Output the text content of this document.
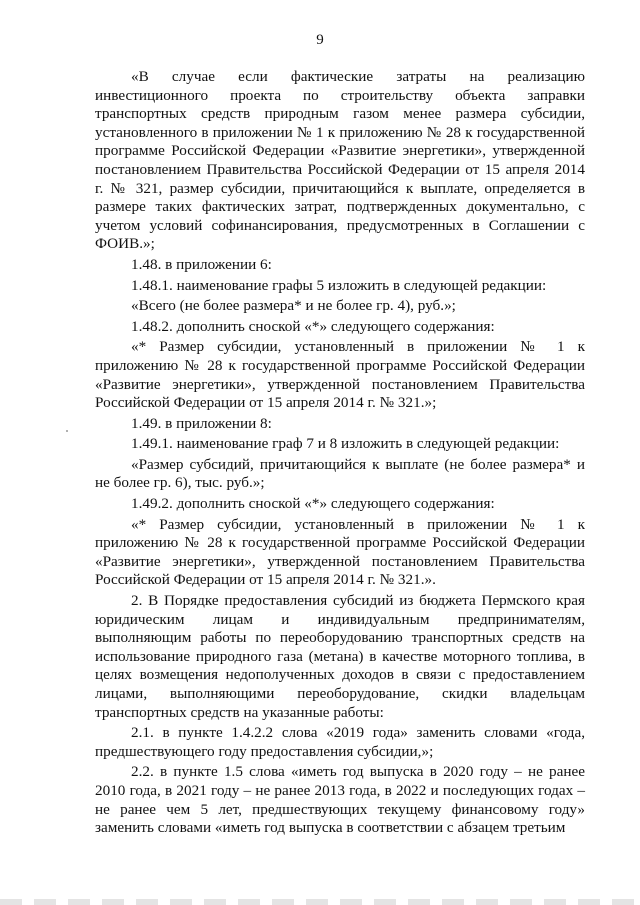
9

«В случае если фактические затраты на реализацию инвестиционного проекта по строительству объекта заправки транспортных средств природным газом менее размера субсидии, установленного в приложении № 1 к приложению № 28 к государственной программе Российской Федерации «Развитие энергетики», утвержденной постановлением Правительства Российской Федерации от 15 апреля 2014 г. № 321, размер субсидии, причитающийся к выплате, определяется в размере таких фактических затрат, подтвержденных документально, с учетом условий софинансирования, предусмотренных в Соглашении с ФОИВ.»;

1.48. в приложении 6:

1.48.1. наименование графы 5 изложить в следующей редакции:

«Всего (не более размера* и не более гр. 4), руб.»;

1.48.2. дополнить сноской «*» следующего содержания:

«* Размер субсидии, установленный в приложении № 1 к приложению № 28 к государственной программе Российской Федерации «Развитие энергетики», утвержденной постановлением Правительства Российской Федерации от 15 апреля 2014 г. № 321.»;

1.49. в приложении 8:

1.49.1. наименование граф 7 и 8 изложить в следующей редакции:

«Размер субсидий, причитающийся к выплате (не более размера* и не более гр. 6), тыс. руб.»;

1.49.2. дополнить сноской «*» следующего содержания:

«* Размер субсидии, установленный в приложении № 1 к приложению № 28 к государственной программе Российской Федерации «Развитие энергетики», утвержденной постановлением Правительства Российской Федерации от 15 апреля 2014 г. № 321.».

2. В Порядке предоставления субсидий из бюджета Пермского края юридическим лицам и индивидуальным предпринимателям, выполняющим работы по переоборудованию транспортных средств на использование природного газа (метана) в качестве моторного топлива, в целях возмещения недополученных доходов в связи с предоставлением лицами, выполняющими переоборудование, скидки владельцам транспортных средств на указанные работы:

2.1. в пункте 1.4.2.2 слова «2019 года» заменить словами «года, предшествующего году предоставления субсидии,»;

2.2. в пункте 1.5 слова «иметь год выпуска в 2020 году – не ранее 2010 года, в 2021 году – не ранее 2013 года, в 2022 и последующих годах – не ранее чем 5 лет, предшествующих текущему финансовому году» заменить словами «иметь год выпуска в соответствии с абзацем третьим
